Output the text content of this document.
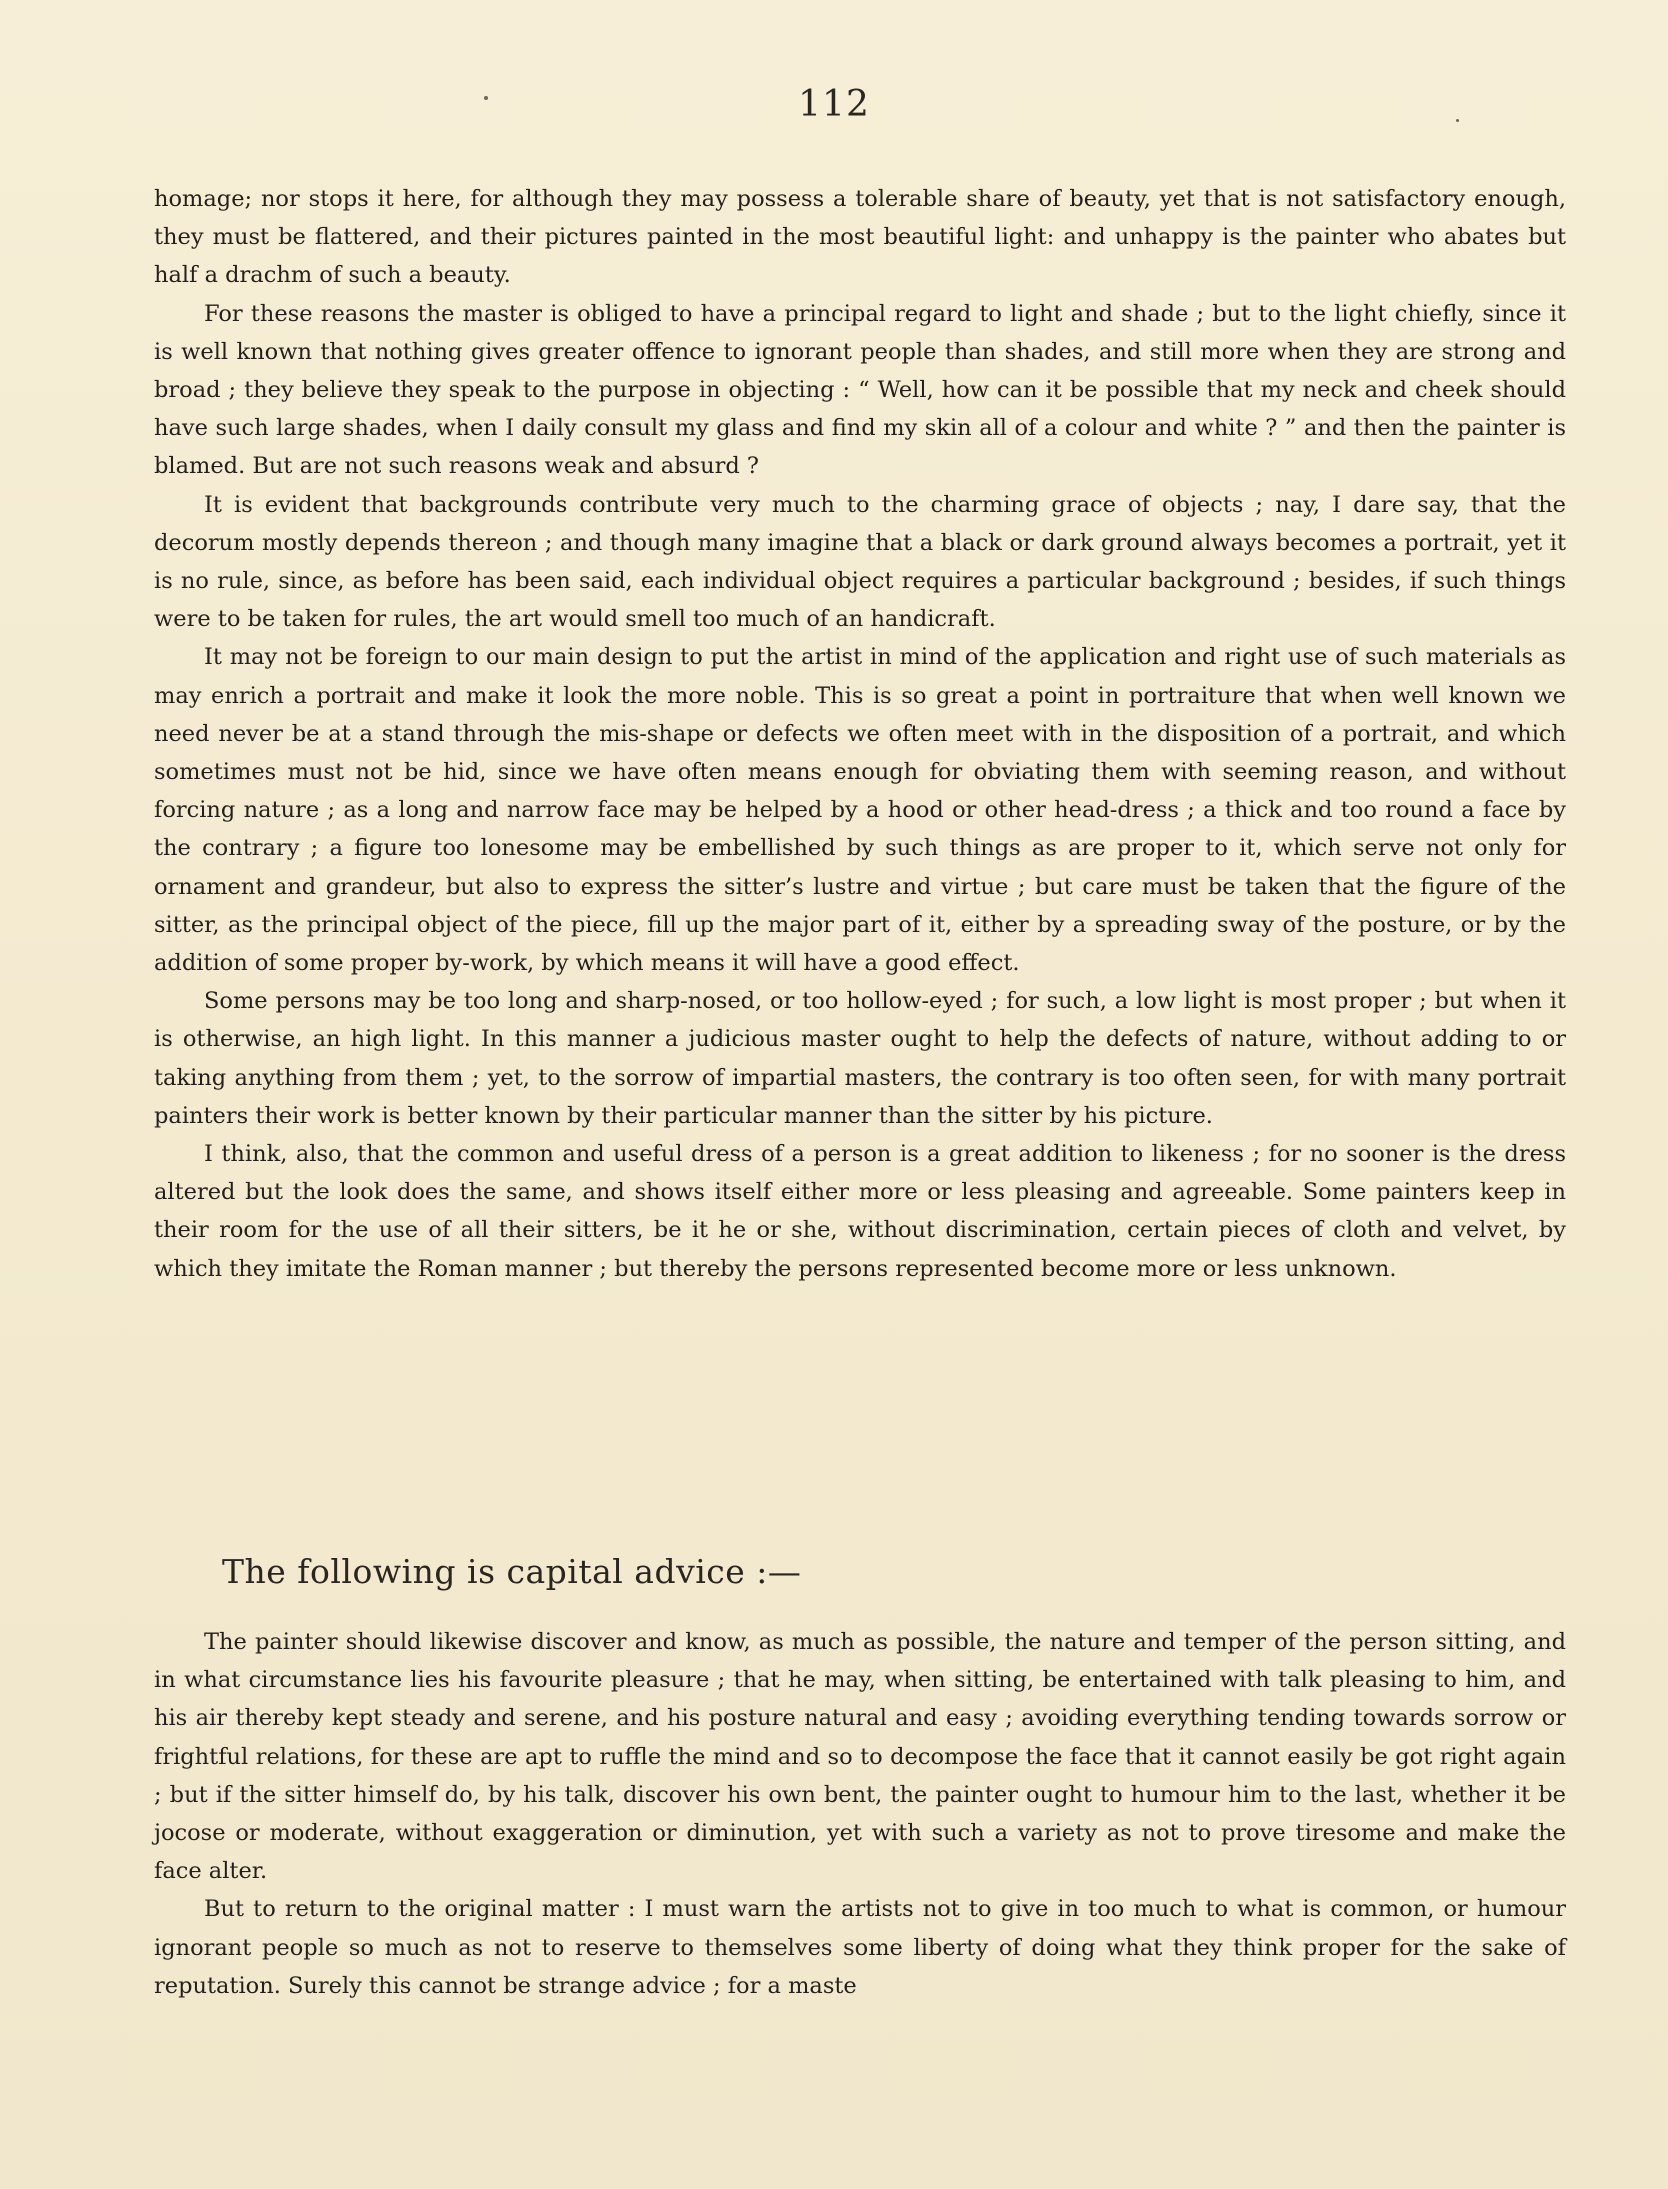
112

homage; nor stops it here, for although they may possess a tolerable share of beauty, yet that is not satisfactory enough, they must be flattered, and their pictures painted in the most beautiful light: and unhappy is the painter who abates but half a drachm of such a beauty.

For these reasons the master is obliged to have a principal regard to light and shade ; but to the light chiefly, since it is well known that nothing gives greater offence to ignorant people than shades, and still more when they are strong and broad ; they believe they speak to the purpose in objecting : “ Well, how can it be possible that my neck and cheek should have such large shades, when I daily consult my glass and find my skin all of a colour and white ? ” and then the painter is blamed. But are not such reasons weak and absurd ?

It is evident that backgrounds contribute very much to the charming grace of objects ; nay, I dare say, that the decorum mostly depends thereon ; and though many imagine that a black or dark ground always becomes a portrait, yet it is no rule, since, as before has been said, each individual object requires a particular background ; besides, if such things were to be taken for rules, the art would smell too much of an handicraft.

It may not be foreign to our main design to put the artist in mind of the application and right use of such materials as may enrich a portrait and make it look the more noble. This is so great a point in portraiture that when well known we need never be at a stand through the mis-shape or defects we often meet with in the disposition of a portrait, and which sometimes must not be hid, since we have often means enough for obviating them with seeming reason, and without forcing nature ; as a long and narrow face may be helped by a hood or other head-dress ; a thick and too round a face by the contrary ; a figure too lonesome may be embellished by such things as are proper to it, which serve not only for ornament and grandeur, but also to express the sitter’s lustre and virtue ; but care must be taken that the figure of the sitter, as the principal object of the piece, fill up the major part of it, either by a spreading sway of the posture, or by the addition of some proper by-work, by which means it will have a good effect.

Some persons may be too long and sharp-nosed, or too hollow-eyed ; for such, a low light is most proper ; but when it is otherwise, an high light. In this manner a judicious master ought to help the defects of nature, without adding to or taking anything from them ; yet, to the sorrow of impartial masters, the contrary is too often seen, for with many portrait painters their work is better known by their particular manner than the sitter by his picture.

I think, also, that the common and useful dress of a person is a great addition to likeness ; for no sooner is the dress altered but the look does the same, and shows itself either more or less pleasing and agreeable. Some painters keep in their room for the use of all their sitters, be it he or she, without discrimination, certain pieces of cloth and velvet, by which they imitate the Roman manner ; but thereby the persons represented become more or less unknown.

The following is capital advice :—

The painter should likewise discover and know, as much as possible, the nature and temper of the person sitting, and in what circumstance lies his favourite pleasure ; that he may, when sitting, be entertained with talk pleasing to him, and his air thereby kept steady and serene, and his posture natural and easy ; avoiding everything tending towards sorrow or frightful relations, for these are apt to ruffle the mind and so to decompose the face that it cannot easily be got right again ; but if the sitter himself do, by his talk, discover his own bent, the painter ought to humour him to the last, whether it be jocose or moderate, without exaggeration or diminution, yet with such a variety as not to prove tiresome and make the face alter.

But to return to the original matter : I must warn the artists not to give in too much to what is common, or humour ignorant people so much as not to reserve to themselves some liberty of doing what they think proper for the sake of reputation. Surely this cannot be strange advice ; for a maste
